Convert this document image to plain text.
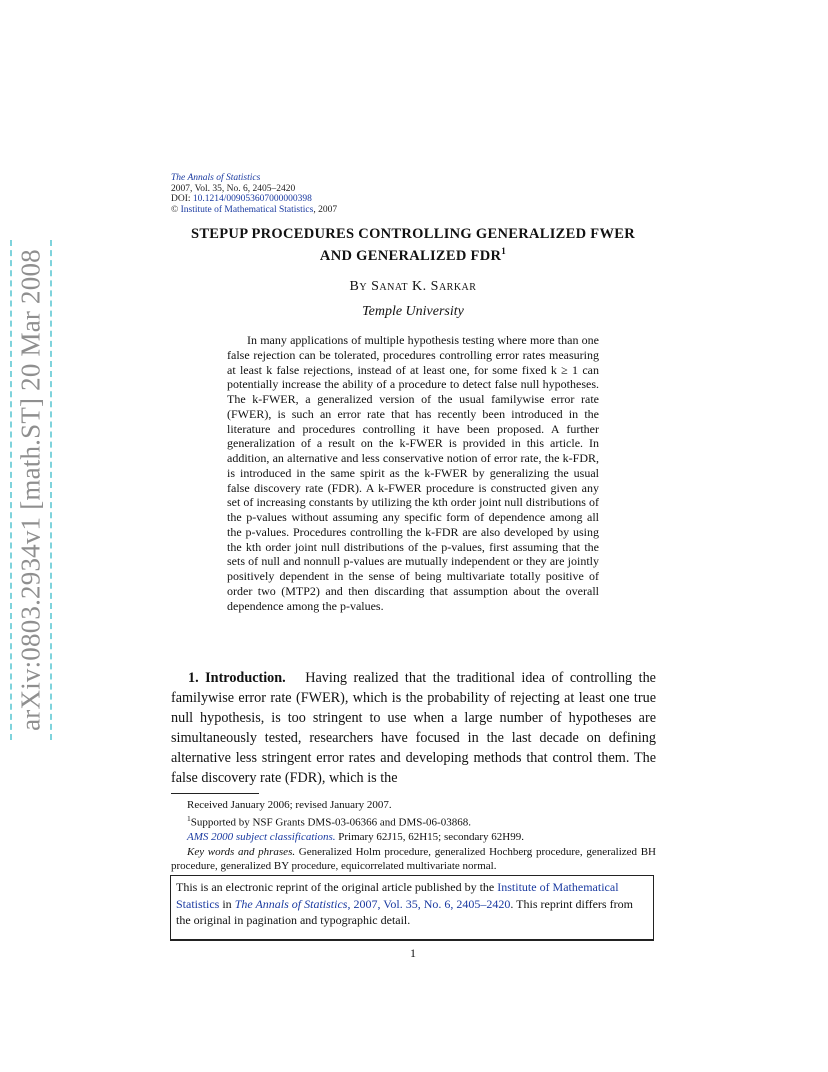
arXiv:0803.2934v1 [math.ST] 20 Mar 2008
The Annals of Statistics
2007, Vol. 35, No. 6, 2405–2420
DOI: 10.1214/009053607000000398
© Institute of Mathematical Statistics, 2007
STEPUP PROCEDURES CONTROLLING GENERALIZED FWER
AND GENERALIZED FDR$^1$
By Sanat K. Sarkar
Temple University
In many applications of multiple hypothesis testing where more than one false rejection can be tolerated, procedures controlling error rates measuring at least k false rejections, instead of at least one, for some fixed k ≥ 1 can potentially increase the ability of a procedure to detect false null hypotheses. The k-FWER, a generalized version of the usual familywise error rate (FWER), is such an error rate that has recently been introduced in the literature and procedures controlling it have been proposed. A further generalization of a result on the k-FWER is provided in this article. In addition, an alternative and less conservative notion of error rate, the k-FDR, is introduced in the same spirit as the k-FWER by generalizing the usual false discovery rate (FDR). A k-FWER procedure is constructed given any set of increasing constants by utilizing the kth order joint null distributions of the p-values without assuming any specific form of dependence among all the p-values. Procedures controlling the k-FDR are also developed by using the kth order joint null distributions of the p-values, first assuming that the sets of null and nonnull p-values are mutually independent or they are jointly positively dependent in the sense of being multivariate totally positive of order two (MTP2) and then discarding that assumption about the overall dependence among the p-values.
1. Introduction. Having realized that the traditional idea of controlling the familywise error rate (FWER), which is the probability of rejecting at least one true null hypothesis, is too stringent to use when a large number of hypotheses are simultaneously tested, researchers have focused in the last decade on defining alternative less stringent error rates and developing methods that control them. The false discovery rate (FDR), which is the
Received January 2006; revised January 2007.
$^1$Supported by NSF Grants DMS-03-06366 and DMS-06-03868.
AMS 2000 subject classifications. Primary 62J15, 62H15; secondary 62H99.
Key words and phrases. Generalized Holm procedure, generalized Hochberg procedure, generalized BH procedure, generalized BY procedure, equicorrelated multivariate normal.
This is an electronic reprint of the original article published by the Institute of Mathematical Statistics in The Annals of Statistics, 2007, Vol. 35, No. 6, 2405–2420. This reprint differs from the original in pagination and typographic detail.
1
